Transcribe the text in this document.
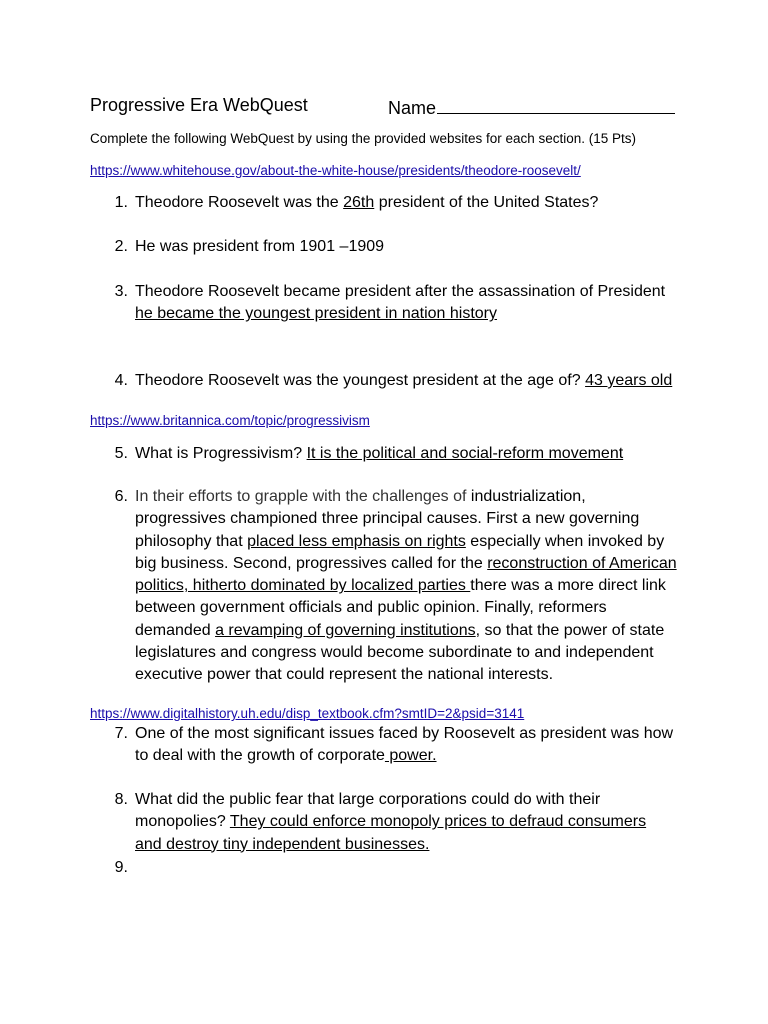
Progressive Era WebQuest	Name
Complete the following WebQuest by using the provided websites for each section. (15 Pts)
https://www.whitehouse.gov/about-the-white-house/presidents/theodore-roosevelt/
1. Theodore Roosevelt was the 26th president of the United States?
2. He was president from 1901 –1909
3. Theodore Roosevelt became president after the assassination of President
he became the youngest president in nation history
4. Theodore Roosevelt was the youngest president at the age of? 43 years old
https://www.britannica.com/topic/progressivism
5. What is Progressivism? It is the political and social-reform movement
6. In their efforts to grapple with the challenges of industrialization, progressives championed three principal causes. First a new governing philosophy that placed less emphasis on rights especially when invoked by big business. Second, progressives called for the reconstruction of American politics, hitherto dominated by localized parties there was a more direct link between government officials and public opinion. Finally, reformers demanded a revamping of governing institutions, so that the power of state legislatures and congress would become subordinate to and independent executive power that could represent the national interests.
https://www.digitalhistory.uh.edu/disp_textbook.cfm?smtID=2&psid=3141
7. One of the most significant issues faced by Roosevelt as president was how to deal with the growth of corporate power.
8. What did the public fear that large corporations could do with their monopolies? They could enforce monopoly prices to defraud consumers and destroy tiny independent businesses.
9.
